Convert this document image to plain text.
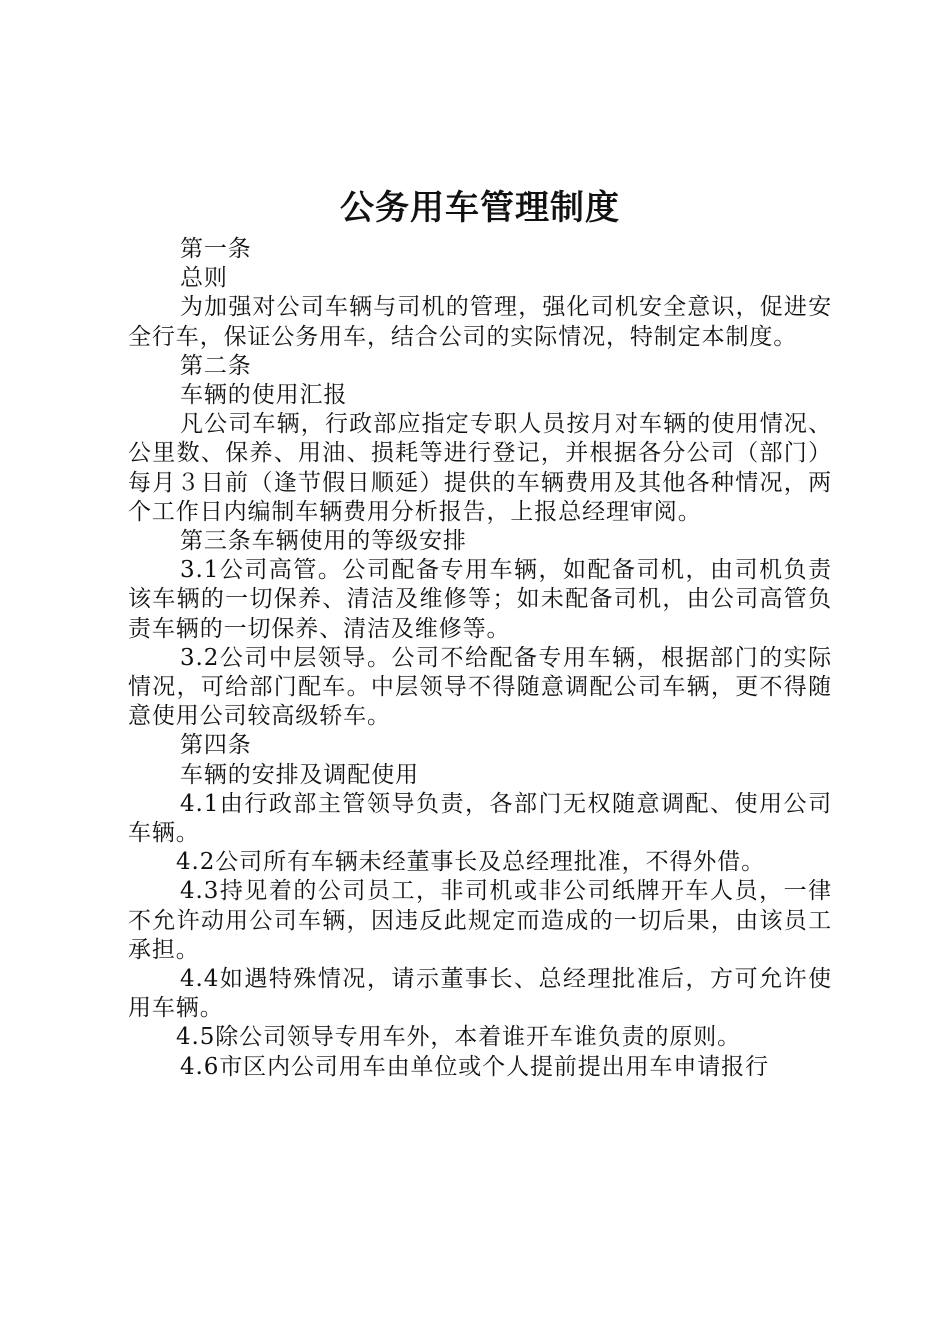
公务用车管理制度

第一条

总则

为加强对公司车辆与司机的管理，强化司机安全意识，促进安全行车，保证公务用车，结合公司的实际情况，特制定本制度。

第二条

车辆的使用汇报

凡公司车辆，行政部应指定专职人员按月对车辆的使用情况、公里数、保养、用油、损耗等进行登记，并根据各分公司（部门）每月３日前（逢节假日顺延）提供的车辆费用及其他各种情况，两个工作日内编制车辆费用分析报告，上报总经理审阅。

第三条车辆使用的等级安排

3.1公司高管。公司配备专用车辆，如配备司机，由司机负责该车辆的一切保养、清洁及维修等；如未配备司机，由公司高管负责车辆的一切保养、清洁及维修等。

3.2公司中层领导。公司不给配备专用车辆，根据部门的实际情况，可给部门配车。中层领导不得随意调配公司车辆，更不得随意使用公司较高级轿车。

第四条

车辆的安排及调配使用

4.1由行政部主管领导负责，各部门无权随意调配、使用公司车辆。

4.2公司所有车辆未经董事长及总经理批准，不得外借。

4.3持见着的公司员工，非司机或非公司纸牌开车人员，一律不允许动用公司车辆，因违反此规定而造成的一切后果，由该员工承担。

4.4如遇特殊情况，请示董事长、总经理批准后，方可允许使用车辆。

4.5除公司领导专用车外，本着谁开车谁负责的原则。

4.6市区内公司用车由单位或个人提前提出用车申请报行
